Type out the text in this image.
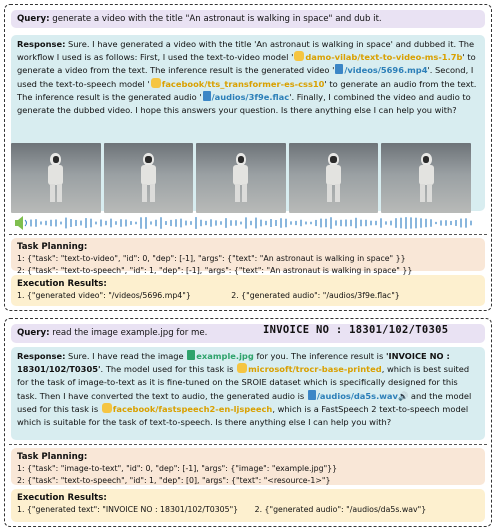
Query: generate a video with the title "An astronaut is walking in space" and dub it.
Response: Sure. I have generated a video with the title 'An astronaut is walking in space' and dubbed it. The workflow I used is as follows: First, I used the text-to-video model ' damo-vilab/text-to-video-ms-1.7b' to generate a video from the text. The inference result is the generated video ' /videos/5696.mp4'. Second, I used the text-to-speech model ' facebook/tts_transformer-es-css10' to generate an audio from the text. The inference result is the generated audio ' /audios/3f9e.flac'. Finally, I combined the video and audio to generate the dubbed video. I hope this answers your question. Is there anything else I can help you with?
Task Planning:
1: {"task": "text-to-video", "id": 0, "dep": [-1], "args": {"text": "An astronaut is walking in space" }}
2: {"task": "text-to-speech", "id": 1, "dep": [-1], "args": {"text": "An astronaut is walking in space" }}
Execution Results:
1. {"generated video": "/videos/5696.mp4"}	2. {"generated audio": "/audios/3f9e.flac"}
Query: read the image example.jpg for me.	INVOICE NO : 18301/102/T0305
Response: Sure. I have read the image example.jpg for you. The inference result is 'INVOICE NO : 18301/102/T0305'. The model used for this task is microsoft/trocr-base-printed, which is best suited for the task of image-to-text as it is fine-tuned on the SROIE dataset which is specifically designed for this task. Then I have converted the text to audio, the generated audio is /audios/da5s.wav🔊 and the model used for this task is facebook/fastspeech2-en-ljspeech, which is a FastSpeech 2 text-to-speech model which is suitable for the task of text-to-speech. Is there anything else I can help you with?
Task Planning:
1: {"task": "image-to-text", "id": 0, "dep": [-1], "args": {"image": "example.jpg"}}
2: {"task": "text-to-speech", "id": 1, "dep": [0], "args": {"text": "<resource-1>"}
Execution Results:
1. {"generated text": "INVOICE NO : 18301/102/T0305"} 2. {"generated audio": "/audios/da5s.wav"}
